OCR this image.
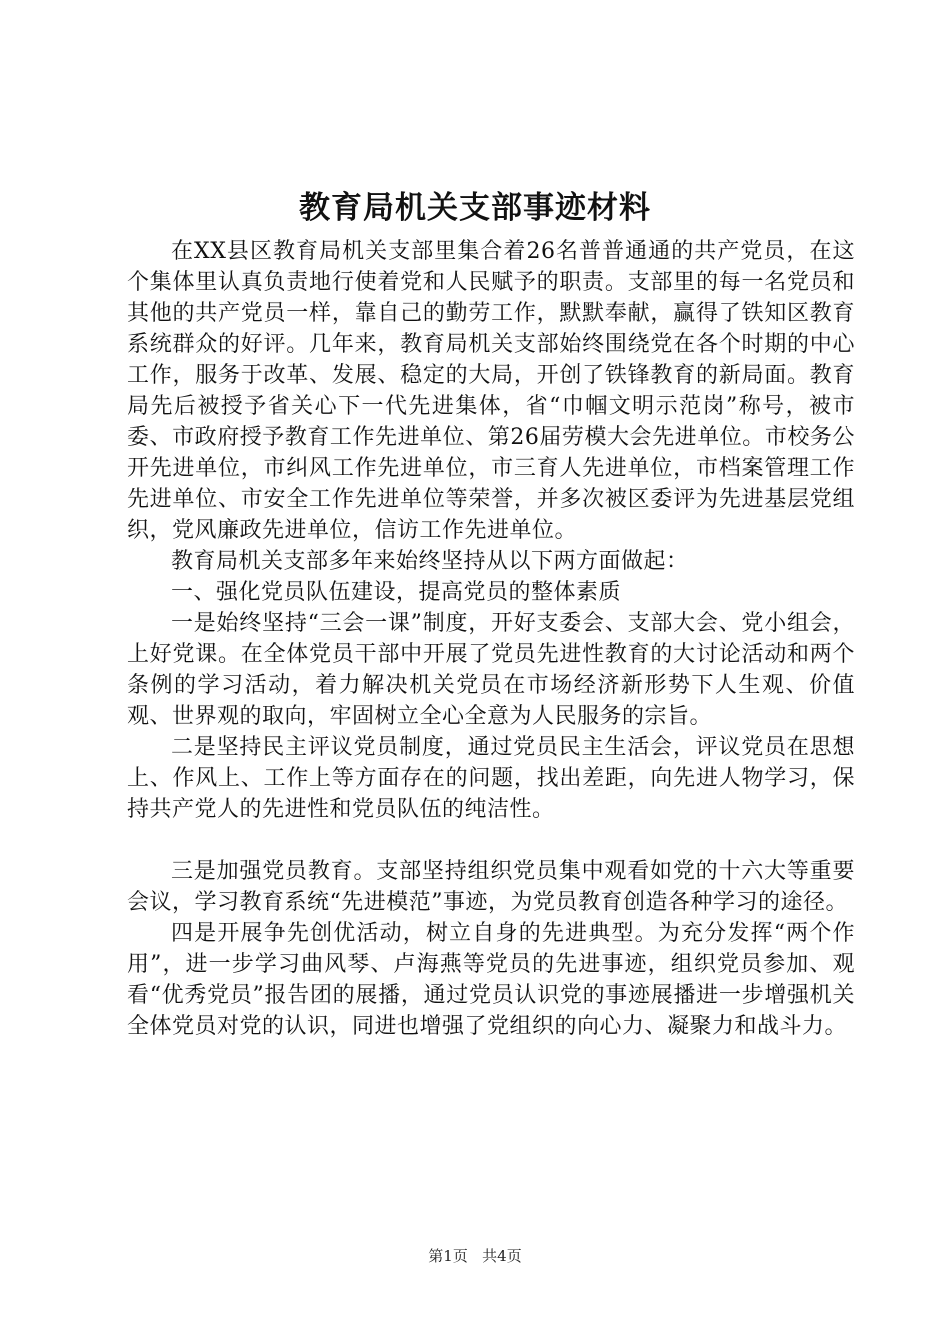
教育局机关支部事迹材料

在XX县区教育局机关支部里集合着26名普普通通的共产党员，在这个集体里认真负责地行使着党和人民赋予的职责。支部里的每一名党员和其他的共产党员一样，靠自己的勤劳工作，默默奉献，赢得了铁知区教育系统群众的好评。几年来，教育局机关支部始终围绕党在各个时期的中心工作，服务于改革、发展、稳定的大局，开创了铁锋教育的新局面。教育局先后被授予省关心下一代先进集体，省“巾帼文明示范岗”称号，被市委、市政府授予教育工作先进单位、第26届劳模大会先进单位。市校务公开先进单位，市纠风工作先进单位，市三育人先进单位，市档案管理工作先进单位、市安全工作先进单位等荣誉，并多次被区委评为先进基层党组织，党风廉政先进单位，信访工作先进单位。

教育局机关支部多年来始终坚持从以下两方面做起：

一、强化党员队伍建设，提高党员的整体素质

一是始终坚持“三会一课”制度，开好支委会、支部大会、党小组会，上好党课。在全体党员干部中开展了党员先进性教育的大讨论活动和两个条例的学习活动，着力解决机关党员在市场经济新形势下人生观、价值观、世界观的取向，牢固树立全心全意为人民服务的宗旨。

二是坚持民主评议党员制度，通过党员民主生活会，评议党员在思想上、作风上、工作上等方面存在的问题，找出差距，向先进人物学习，保持共产党人的先进性和党员队伍的纯洁性。

三是加强党员教育。支部坚持组织党员集中观看如党的十六大等重要会议，学习教育系统“先进模范”事迹，为党员教育创造各种学习的途径。

四是开展争先创优活动，树立自身的先进典型。为充分发挥“两个作用”，进一步学习曲风琴、卢海燕等党员的先进事迹，组织党员参加、观看“优秀党员”报告团的展播，通过党员认识党的事迹展播进一步增强机关全体党员对党的认识，同进也增强了党组织的向心力、凝聚力和战斗力。

第1页 共4页
